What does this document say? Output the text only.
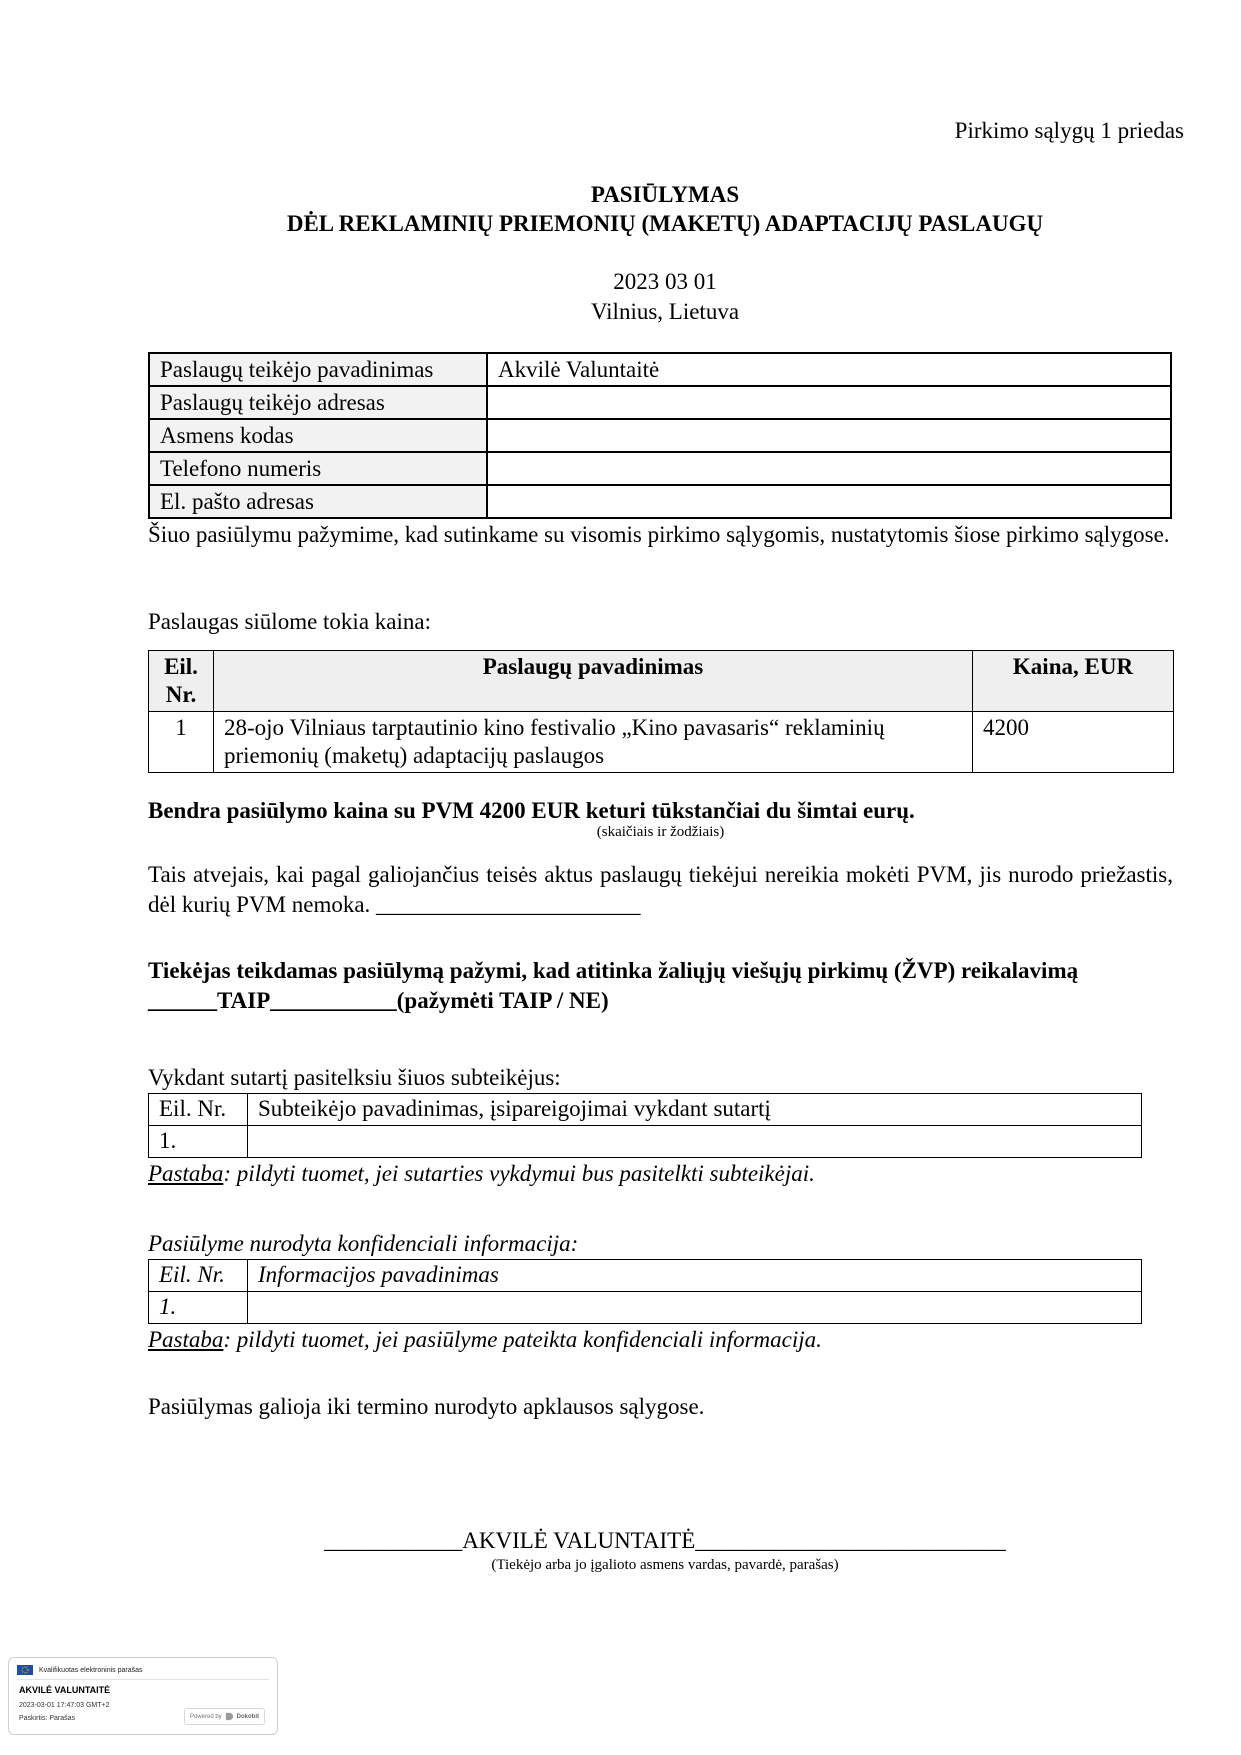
Pirkimo sąlygų 1 priedas
PASIŪLYMAS
DĖL REKLAMINIŲ PRIEMONIŲ (MAKETŲ) ADAPTACIJŲ PASLAUGŲ
2023 03 01
Vilnius, Lietuva
Paslaugų teikėjo pavadinimas	Akvilė Valuntaitė
Paslaugų teikėjo adresas	
Asmens kodas	
Telefono numeris	
El. pašto adresas	
Šiuo pasiūlymu pažymime, kad sutinkame su visomis pirkimo sąlygomis, nustatytomis šiose pirkimo sąlygose.
Paslaugas siūlome tokia kaina:
Eil. Nr.	Paslaugų pavadinimas	Kaina, EUR
1	28-ojo Vilniaus tarptautinio kino festivalio „Kino pavasaris“ reklaminių priemonių (maketų) adaptacijų paslaugos	4200
Bendra pasiūlymo kaina su PVM 4200 EUR keturi tūkstančiai du šimtai eurų.
(skaičiais ir žodžiais)
Tais atvejais, kai pagal galiojančius teisės aktus paslaugų tiekėjui nereikia mokėti PVM, jis nurodo priežastis, dėl kurių PVM nemoka. _______________________
Tiekėjas teikdamas pasiūlymą pažymi, kad atitinka žaliųjų viešųjų pirkimų (ŽVP) reikalavimą
______TAIP___________(pažymėti TAIP / NE)
Vykdant sutartį pasitelksiu šiuos subteikėjus:
Eil. Nr.	Subteikėjo pavadinimas, įsipareigojimai vykdant sutartį
1.	
Pastaba: pildyti tuomet, jei sutarties vykdymui bus pasitelkti subteikėjai.
Pasiūlyme nurodyta konfidenciali informacija:
Eil. Nr.	Informacijos pavadinimas
1.	
Pastaba: pildyti tuomet, jei pasiūlyme pateikta konfidenciali informacija.
Pasiūlymas galioja iki termino nurodyto apklausos sąlygose.
____________AKVILĖ VALUNTAITĖ___________________________
(Tiekėjo arba jo įgalioto asmens vardas, pavardė, parašas)
Kvalifikuotas elektroninis parašas
AKVILĖ VALUNTAITĖ
2023-03-01 17:47:03 GMT+2
Paskirtis: Parašas	Powered by	Dokobit
